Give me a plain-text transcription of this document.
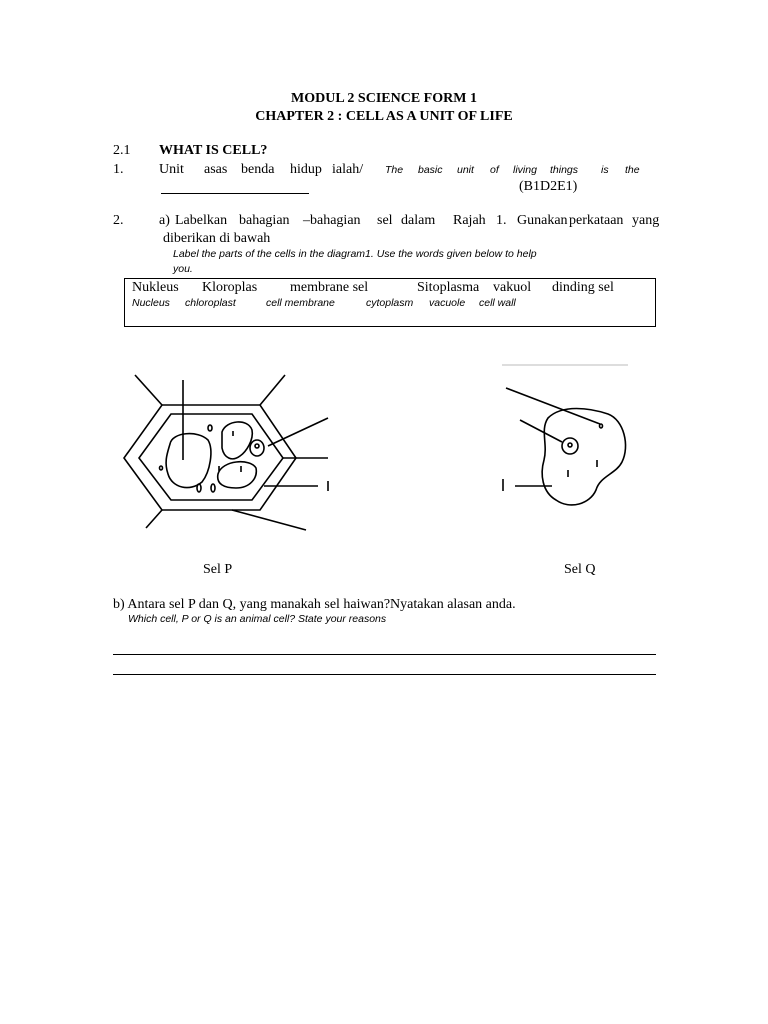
MODUL 2 SCIENCE FORM 1
CHAPTER 2 : CELL AS A UNIT OF LIFE
2.1 WHAT IS CELL?
1.	Unit asas benda hidup ialah/ The basic unit of living things is the
(B1D2E1)
2.	a) Labelkan bahagian –bahagian sel dalam Rajah 1. Gunakan perkataan yang
diberikan di bawah
Label the parts of the cells in the diagram1. Use the words given below to help
you.
Nukleus Kloroplas membrane sel	Sitoplasma vakuol dinding sel
Nucleus chloroplast	cell membrane	cytoplasm vacuole cell wall
Sel P	Sel Q
b) Antara sel P dan Q, yang manakah sel haiwan?Nyatakan alasan anda.
Which cell, P or Q is an animal cell? State your reasons
